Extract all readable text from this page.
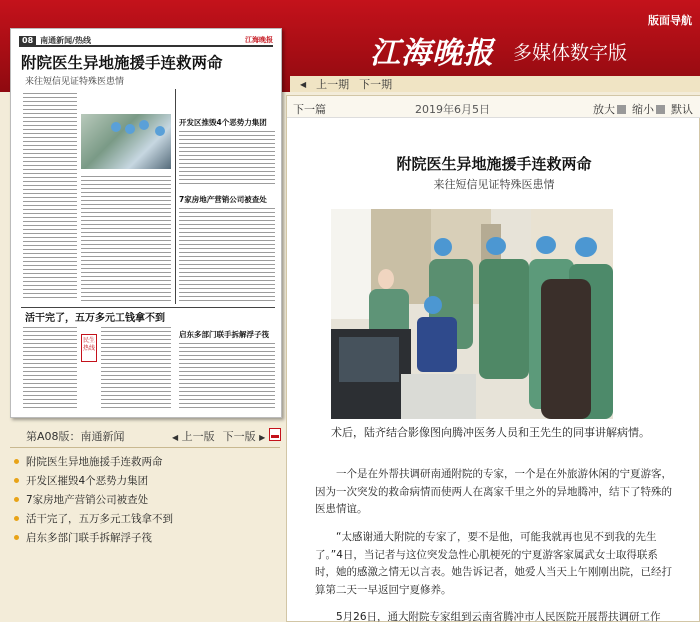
版面导航
江海晚报 多媒体数字版
◀ 上一期 下一期
08 南通新闻/热线	江海晚报
附院医生异地施援手连救两命
来往短信见证特殊医患情
开发区推毁4个恶势力集团
7家房地产营销公司被查处
活干完了，五万多元工钱拿不到
民生热线
启东多部门联手拆解浮子筏
第A08版：南通新闻	◀ 上一版 下一版 ▶
附院医生异地施援手连救两命
开发区摧毁4个恶势力集团
7家房地产营销公司被查处
活干完了，五万多元工钱拿不到
启东多部门联手拆解浮子筏
下一篇	2019年6月5日	放大 缩小 默认
附院医生异地施援手连救两命
来往短信见证特殊医患情
术后，陆齐结合影像图向腾冲医务人员和王先生的同事讲解病情。

一个是在外帮扶调研南通附院的专家，一个是在外旅游休闲的宁夏游客，因为一次突发的救命病情而使两人在离家千里之外的异地腾冲，结下了特殊的医患情谊。

“太感谢通大附院的专家了，要不是他，可能我就再也见不到我的先生了。”4日，当记者与这位突发急性心肌梗死的宁夏游客家属武女士取得联系时，她的感激之情无以言表。她告诉记者，她爱人当天上午刚刚出院，已经打算第二天一早返回宁夏修养。

5月26日，通大附院专家组到云南省腾冲市人民医院开展帮扶调研工作
